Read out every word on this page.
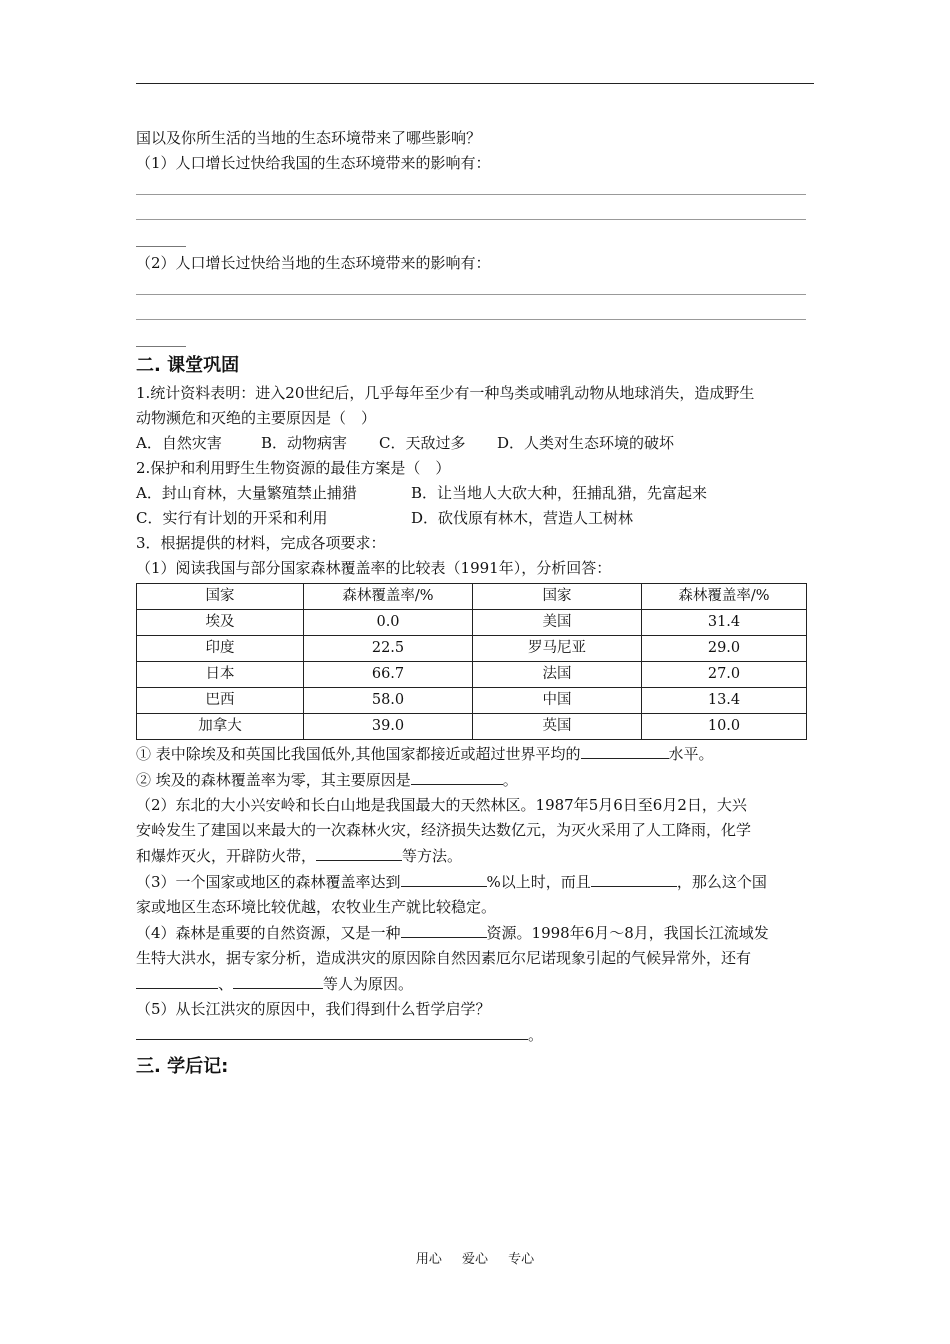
国以及你所生活的当地的生态环境带来了哪些影响？
（1）人口增长过快给我国的生态环境带来的影响有：
（2）人口增长过快给当地的生态环境带来的影响有：
二. 课堂巩固
1.统计资料表明：进入20世纪后，几乎每年至少有一种鸟类或哺乳动物从地球消失，造成野生
动物濒危和灭绝的主要原因是（　）
A．自然灾害	B．动物病害 C．天敌过多 D．人类对生态环境的破坏
2.保护和利用野生生物资源的最佳方案是（　）
A．封山育林，大量繁殖禁止捕猎	B．让当地人大砍大种，狂捕乱猎，先富起来
C．实行有计划的开采和利用	D．砍伐原有林木，营造人工树林
3．根据提供的材料，完成各项要求：
（1）阅读我国与部分国家森林覆盖率的比较表（1991年），分析回答：
国家	森林覆盖率/%	国家	森林覆盖率/%
埃及	0.0	美国	31.4
印度	22.5	罗马尼亚	29.0
日本	66.7	法国	27.0
巴西	58.0	中国	13.4
加拿大	39.0	英国	10.0
① 表中除埃及和英国比我国低外,其他国家都接近或超过世界平均的	水平。
② 埃及的森林覆盖率为零，其主要原因是	。
（2）东北的大小兴安岭和长白山地是我国最大的天然林区。1987年5月6日至6月2日，大兴
安岭发生了建国以来最大的一次森林火灾，经济损失达数亿元，为灭火采用了人工降雨，化学
和爆炸灭火，开辟防火带，	等方法。
（3）一个国家或地区的森林覆盖率达到	%以上时，而且	，那么这个国
家或地区生态环境比较优越，农牧业生产就比较稳定。
（4）森林是重要的自然资源，又是一种	资源。1998年6月～8月，我国长江流域发
生特大洪水，据专家分析，造成洪灾的原因除自然因素厄尔尼诺现象引起的气候异常外，还有
、	等人为原因。
（5）从长江洪灾的原因中，我们得到什么哲学启学？
。
三. 学后记:
用心 爱心 专心
